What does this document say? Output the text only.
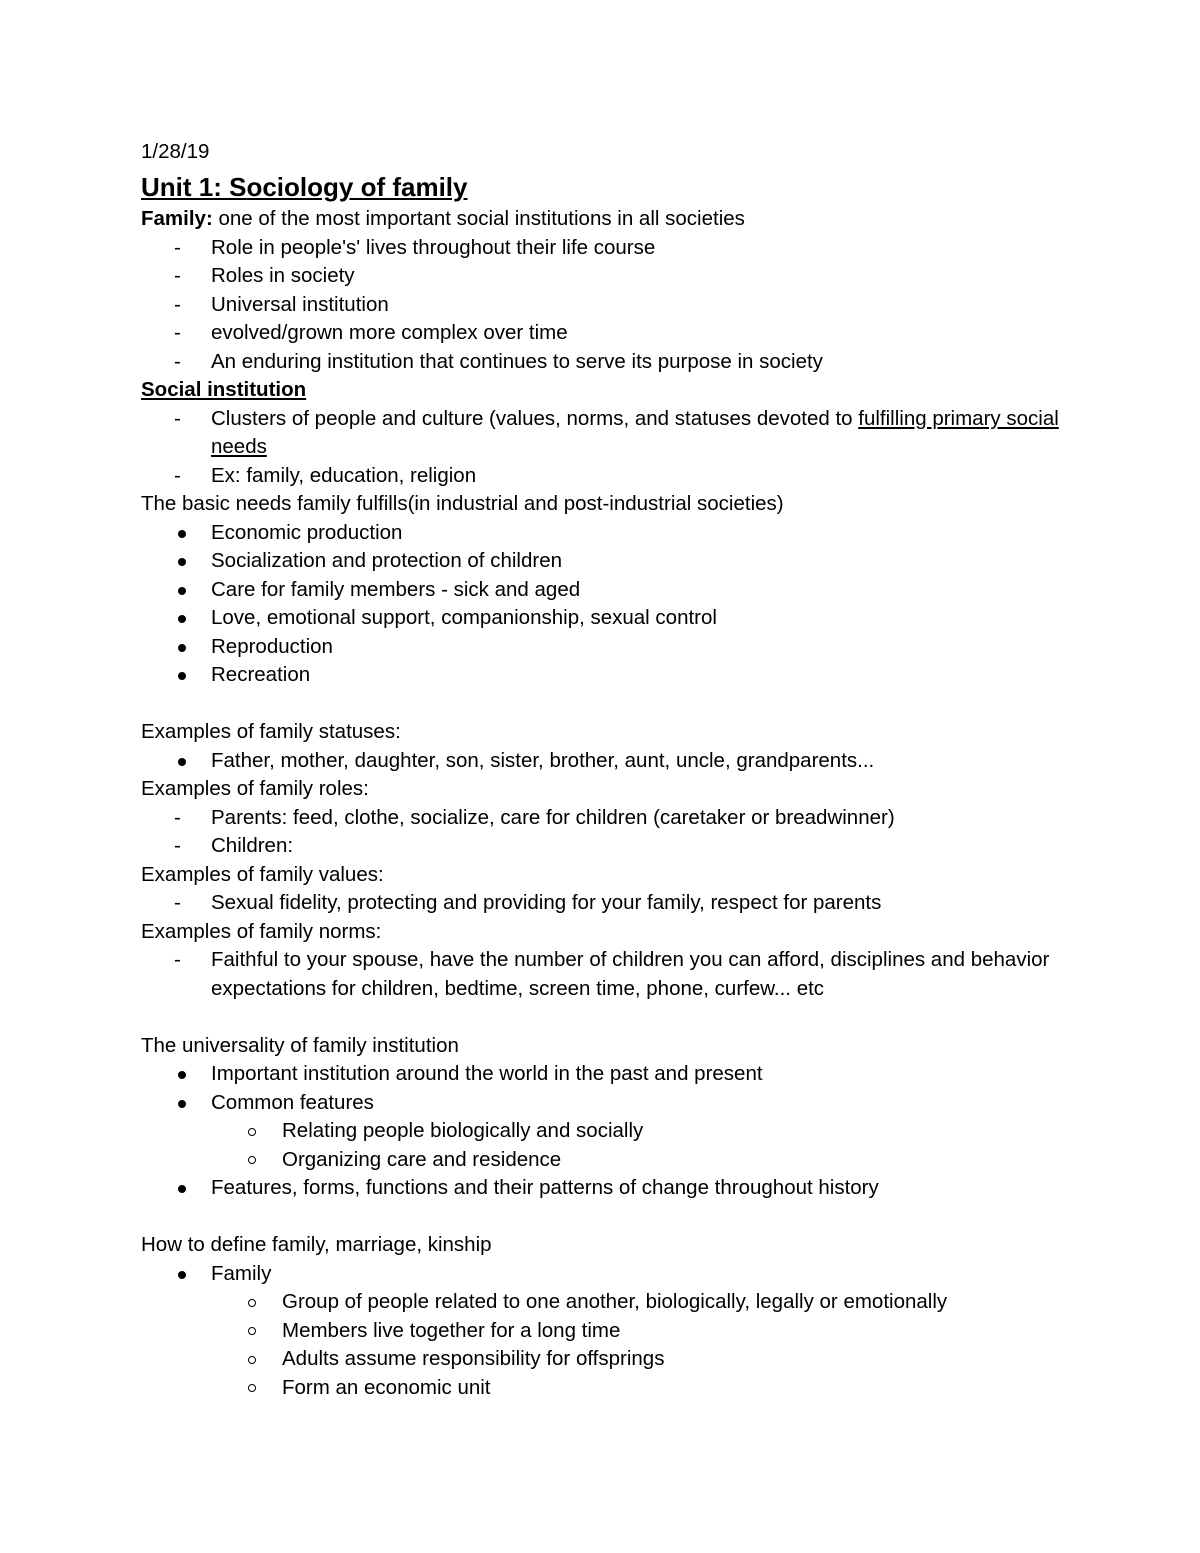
1/28/19
Unit 1: Sociology of family
Family: one of the most important social institutions in all societies
-	Role in people's' lives throughout their life course
-	Roles in society
-	Universal institution
-	evolved/grown more complex over time
-	An enduring institution that continues to serve its purpose in society
Social institution
-	Clusters of people and culture (values, norms, and statuses devoted to fulfilling primary social needs
-	Ex: family, education, religion
The basic needs family fulfills(in industrial and post-industrial societies)
Economic production
Socialization and protection of children
Care for family members - sick and aged
Love, emotional support, companionship, sexual control
Reproduction
Recreation
Examples of family statuses:
Father, mother, daughter, son, sister, brother, aunt, uncle, grandparents...
Examples of family roles:
-	Parents: feed, clothe, socialize, care for children (caretaker or breadwinner)
-	Children:
Examples of family values:
-	Sexual fidelity, protecting and providing for your family, respect for parents
Examples of family norms:
-	Faithful to your spouse, have the number of children you can afford, disciplines and behavior expectations for children, bedtime, screen time, phone, curfew... etc
The universality of family institution
Important institution around the world in the past and present
Common features
Relating people biologically and socially
Organizing care and residence
Features, forms, functions and their patterns of change throughout history
How to define family, marriage, kinship
Family
Group of people related to one another, biologically, legally or emotionally
Members live together for a long time
Adults assume responsibility for offsprings
Form an economic unit
